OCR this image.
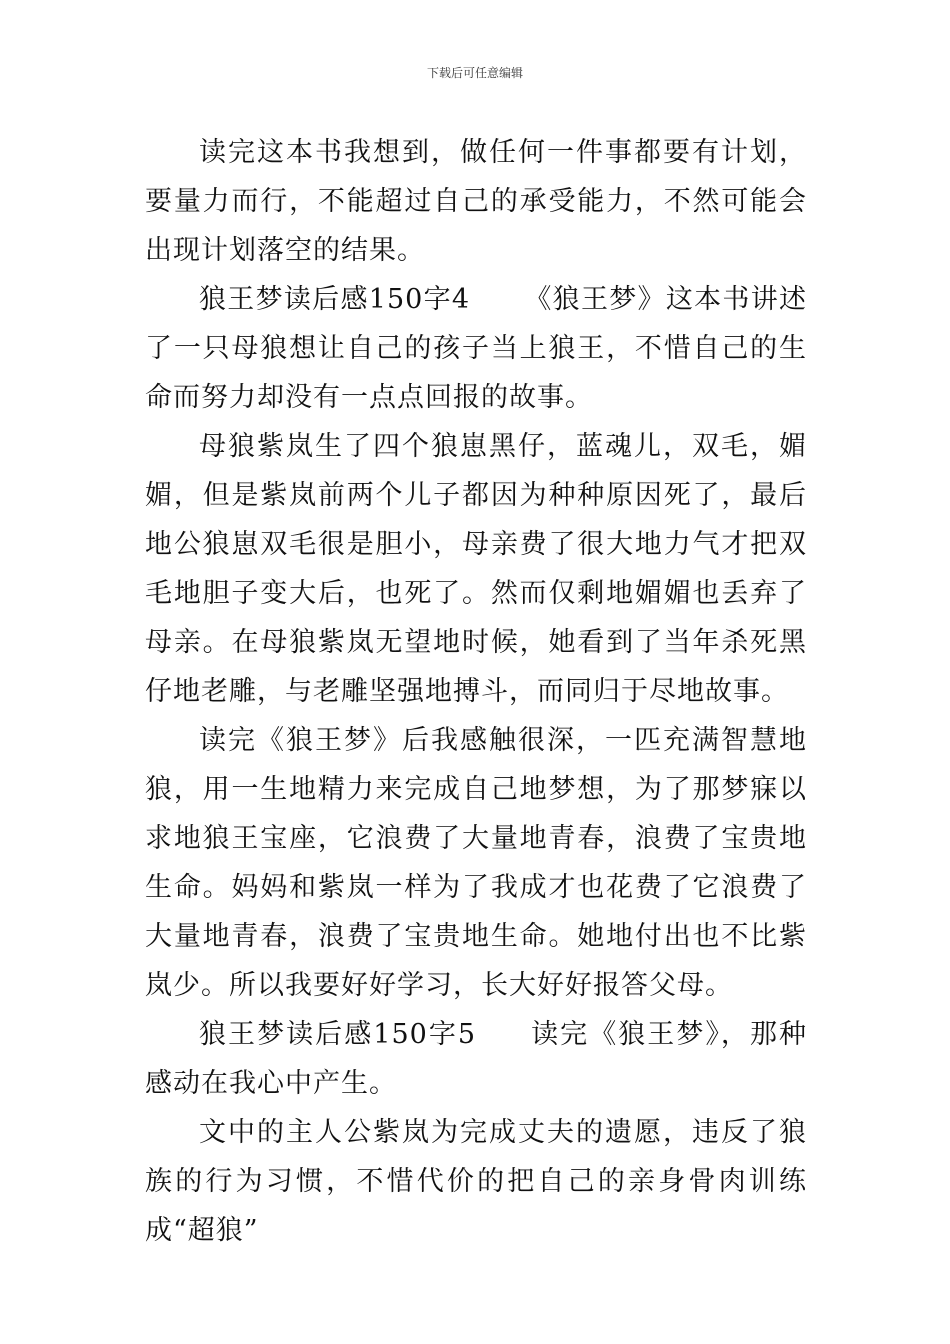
下载后可任意编辑

读完这本书我想到，做任何一件事都要有计划，要量力而行，不能超过自己的承受能力，不然可能会出现计划落空的结果。

狼王梦读后感150字4 《狼王梦》这本书讲述了一只母狼想让自己的孩子当上狼王，不惜自己的生命而努力却没有一点点回报的故事。

母狼紫岚生了四个狼崽黑仔，蓝魂儿，双毛，媚媚，但是紫岚前两个儿子都因为种种原因死了，最后地公狼崽双毛很是胆小，母亲费了很大地力气才把双毛地胆子变大后，也死了。然而仅剩地媚媚也丢弃了母亲。在母狼紫岚无望地时候，她看到了当年杀死黑仔地老雕，与老雕坚强地搏斗，而同归于尽地故事。

读完《狼王梦》后我感触很深，一匹充满智慧地狼，用一生地精力来完成自己地梦想，为了那梦寐以求地狼王宝座，它浪费了大量地青春，浪费了宝贵地生命。妈妈和紫岚一样为了我成才也花费了它浪费了大量地青春，浪费了宝贵地生命。她地付出也不比紫岚少。所以我要好好学习，长大好好报答父母。

狼王梦读后感150字5 读完《狼王梦》，那种感动在我心中产生。

文中的主人公紫岚为完成丈夫的遗愿，违反了狼族的行为习惯，不惜代价的把自己的亲身骨肉训练成“超狼”
